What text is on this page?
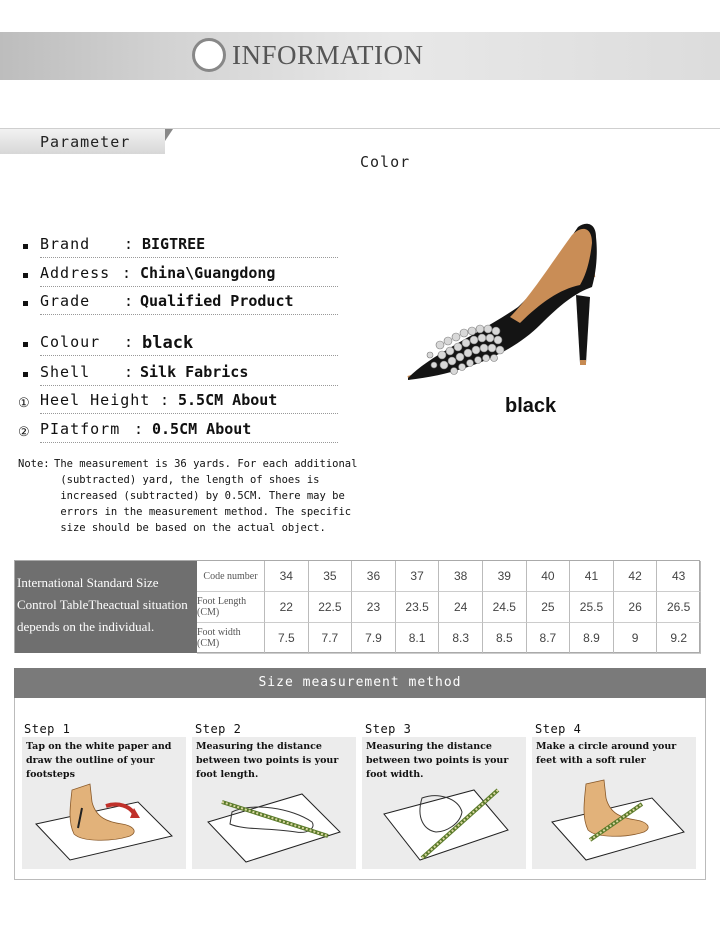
INFORMATION
Parameter
Color
Brand : BIGTREE
Address : China\Guangdong
Grade : Qualified Product
Colour : black
Shell : Silk Fabrics
① Heel Height : 5.5CM About
② PIatform : 0.5CM About
black
Note: The measurement is 36 yards. For each additional (subtracted) yard, the length of shoes is increased (subtracted) by 0.5CM. There may be errors in the measurement method. The specific size should be based on the actual object.
International Standard Size Control TableTheactual situation depends on the individual.
Code number	34	35	36	37	38	39	40	41	42	43
Foot Length (CM)	22	22.5	23	23.5	24	24.5	25	25.5	26	26.5
Foot width (CM)	7.5	7.7	7.9	8.1	8.3	8.5	8.7	8.9	9	9.2
Size measurement method
Step 1	Step 2	Step 3	Step 4
Tap on the white paper and draw the outline of your footsteps
Measuring the distance between two points is your foot length.
Measuring the distance between two points is your foot width.
Make a circle around your feet with a soft ruler
